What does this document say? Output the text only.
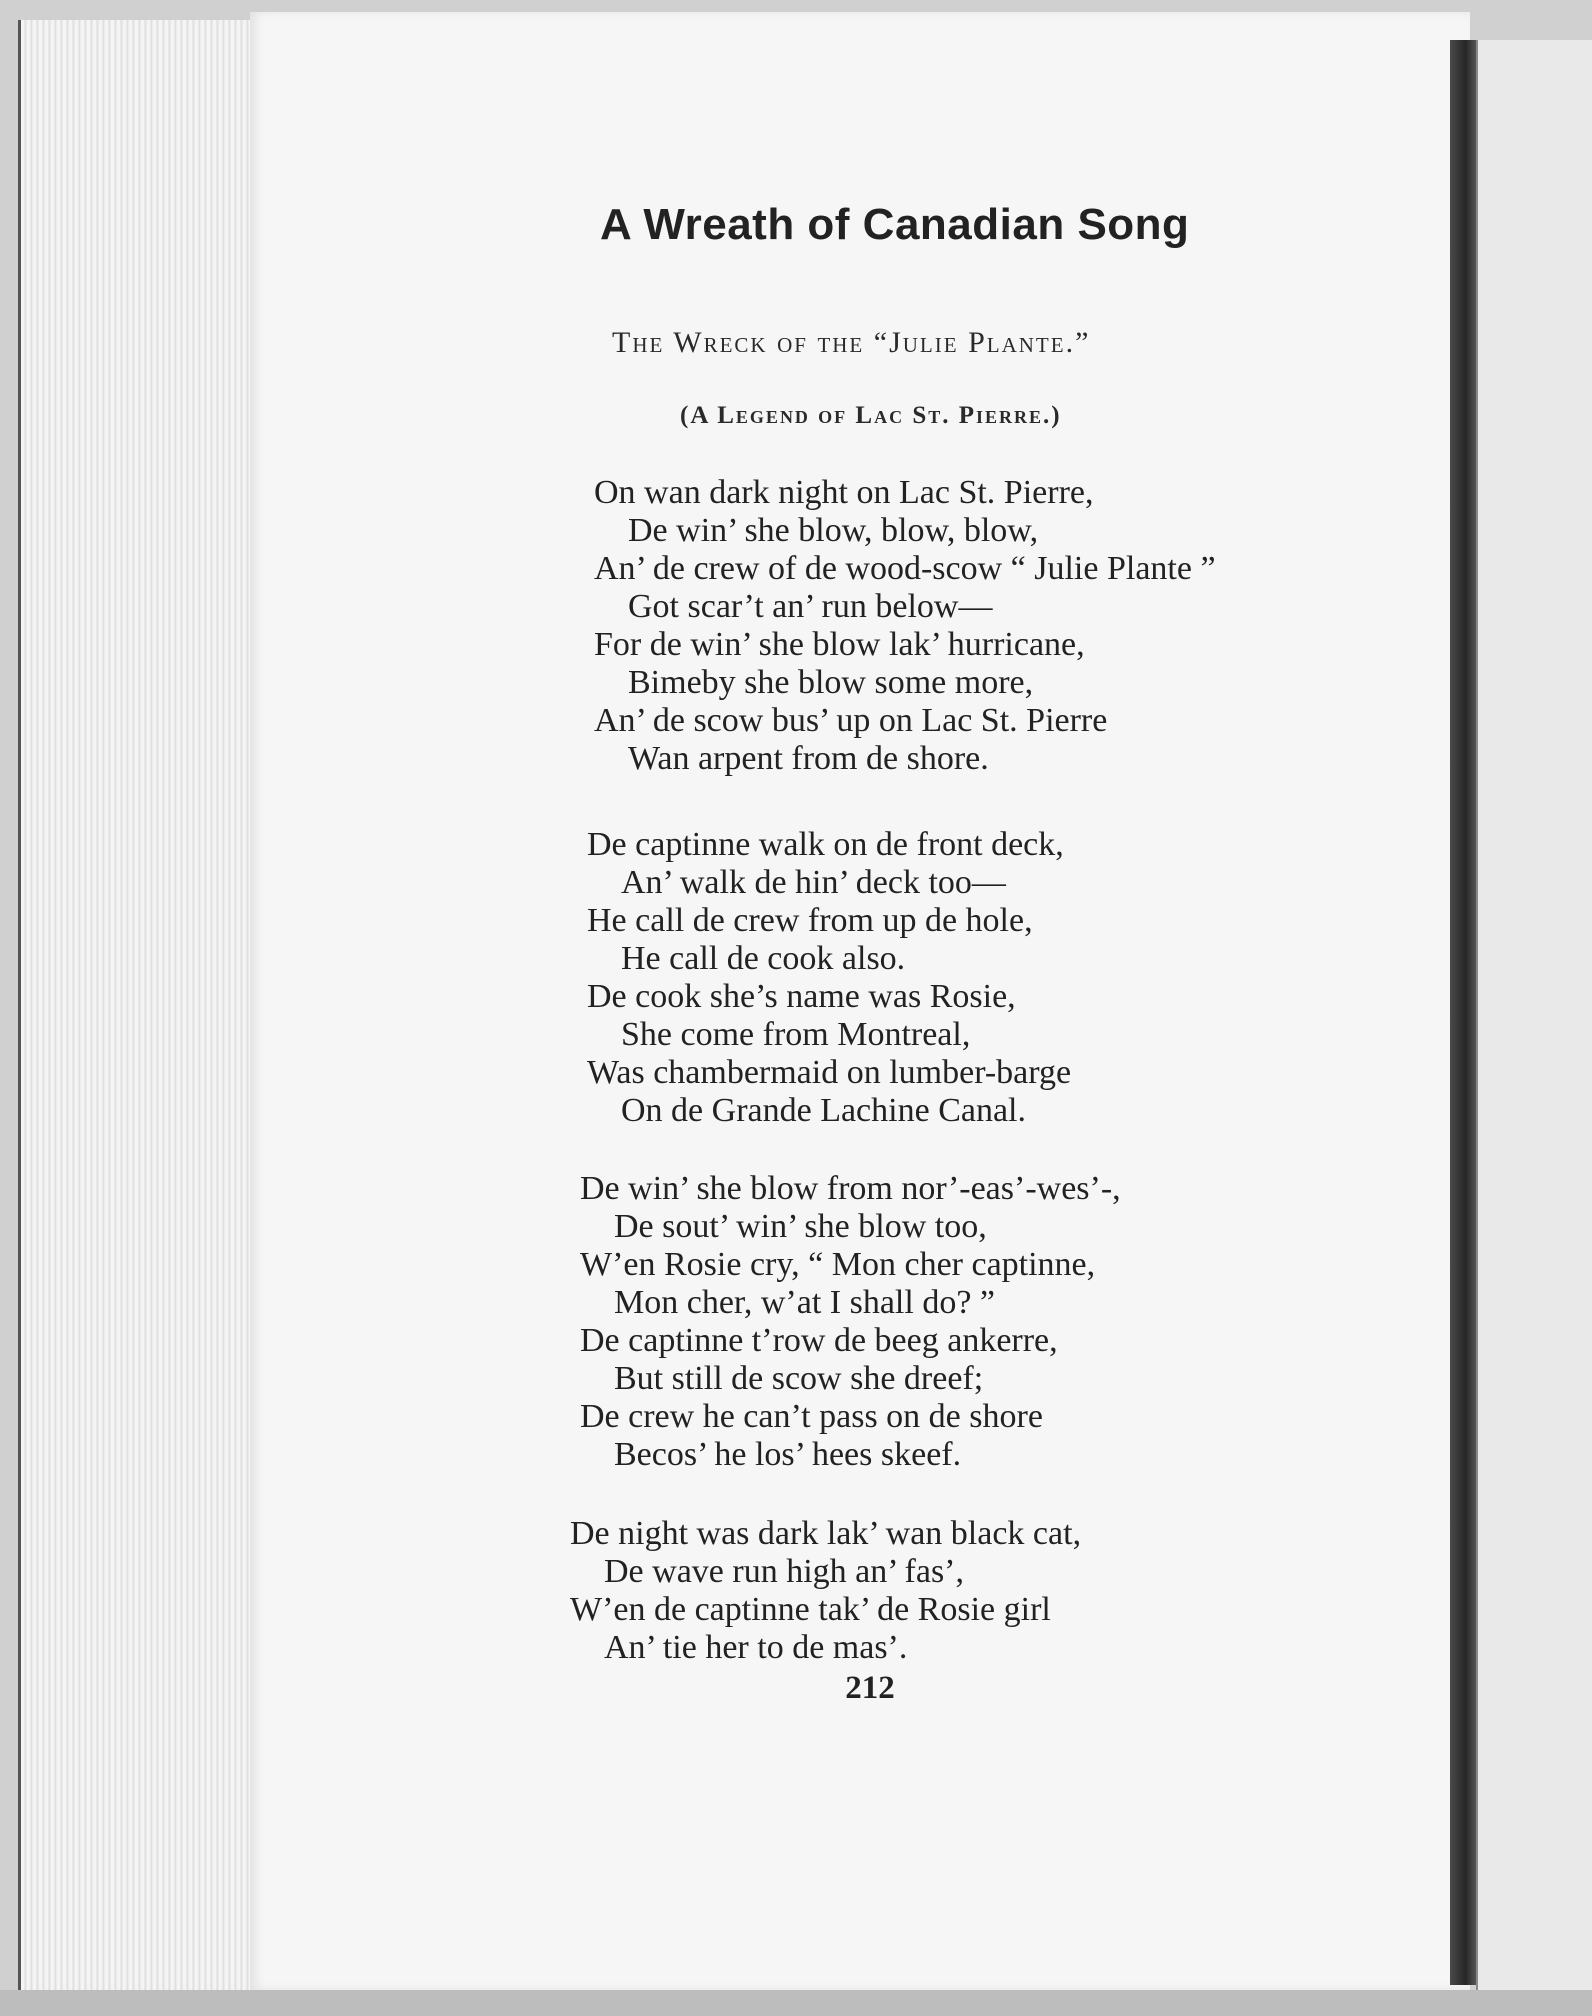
A Wreath of Canadian Song
The Wreck of the “Julie Plante.”
(A Legend of Lac St. Pierre.)
On wan dark night on Lac St. Pierre,
De win’ she blow, blow, blow,
An’ de crew of de wood-scow “ Julie Plante ”
Got scar’t an’ run below—
For de win’ she blow lak’ hurricane,
Bimeby she blow some more,
An’ de scow bus’ up on Lac St. Pierre
Wan arpent from de shore.
De captinne walk on de front deck,
An’ walk de hin’ deck too—
He call de crew from up de hole,
He call de cook also.
De cook she’s name was Rosie,
She come from Montreal,
Was chambermaid on lumber-barge
On de Grande Lachine Canal.
De win’ she blow from nor’-eas’-wes’-,
De sout’ win’ she blow too,
W’en Rosie cry, “ Mon cher captinne,
Mon cher, w’at I shall do? ”
De captinne t’row de beeg ankerre,
But still de scow she dreef;
De crew he can’t pass on de shore
Becos’ he los’ hees skeef.
De night was dark lak’ wan black cat,
De wave run high an’ fas’,
W’en de captinne tak’ de Rosie girl
An’ tie her to de mas’.
212
